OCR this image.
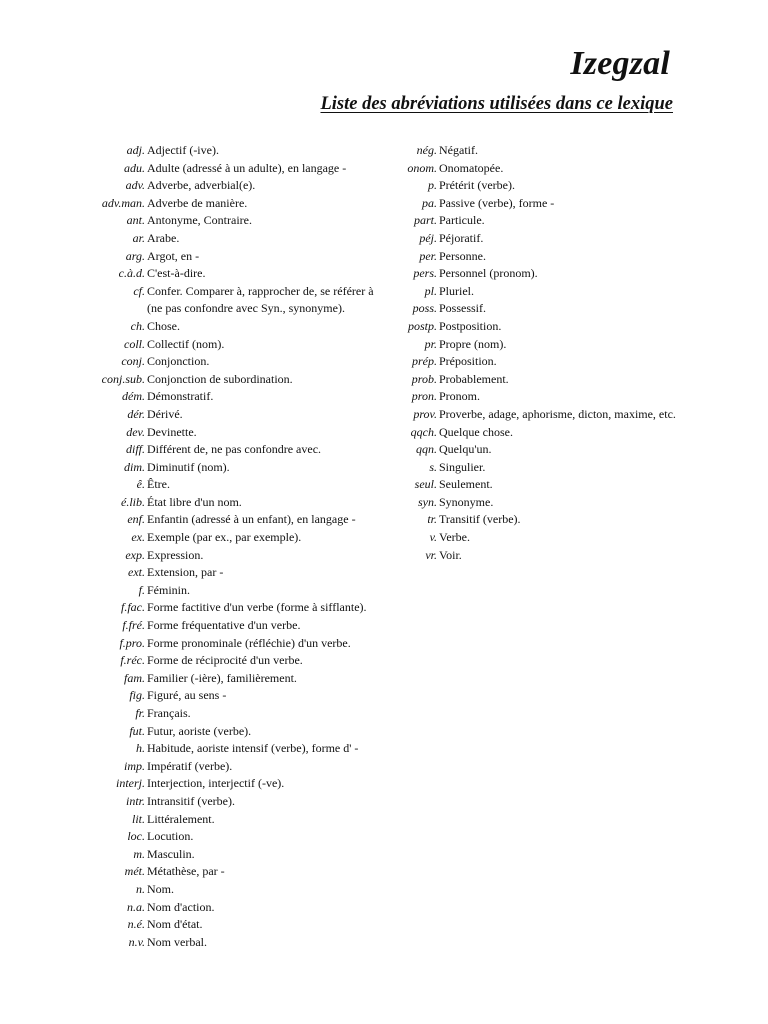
Izegzal
Liste des abréviations utilisées dans ce lexique
adj. Adjectif (-ive).
adu. Adulte (adressé à un adulte), en langage -
adv. Adverbe, adverbial(e).
adv.man. Adverbe de manière.
ant. Antonyme, Contraire.
ar. Arabe.
arg. Argot, en -
c.à.d. C'est-à-dire.
cf. Confer. Comparer à, rapprocher de, se référer à (ne pas confondre avec Syn., synonyme).
ch. Chose.
coll. Collectif (nom).
conj. Conjonction.
conj.sub. Conjonction de subordination.
dém. Démonstratif.
dér. Dérivé.
dev. Devinette.
diff. Différent de, ne pas confondre avec.
dim. Diminutif (nom).
ê. Être.
é.lib. État libre d'un nom.
enf. Enfantin (adressé à un enfant), en langage -
ex. Exemple (par ex., par exemple).
exp. Expression.
ext. Extension, par -
f. Féminin.
f.fac. Forme factitive d'un verbe (forme à sifflante).
f.fré. Forme fréquentative d'un verbe.
f.pro. Forme pronominale (réfléchie) d'un verbe.
f.réc. Forme de réciprocité d'un verbe.
fam. Familier (-ière), familièrement.
fig. Figuré, au sens -
fr. Français.
fut. Futur, aoriste (verbe).
h. Habitude, aoriste intensif (verbe), forme d' -
imp. Impératif (verbe).
interj. Interjection, interjectif (-ve).
intr. Intransitif (verbe).
lit. Littéralement.
loc. Locution.
m. Masculin.
mét. Métathèse, par -
n. Nom.
n.a. Nom d'action.
n.é. Nom d'état.
n.v. Nom verbal.
nég. Négatif.
onom. Onomatopée.
p. Prétérit (verbe).
pa. Passive (verbe), forme -
part. Particule.
péj. Péjoratif.
per. Personne.
pers. Personnel (pronom).
pl. Pluriel.
poss. Possessif.
postp. Postposition.
pr. Propre (nom).
prép. Préposition.
prob. Probablement.
pron. Pronom.
prov. Proverbe, adage, aphorisme, dicton, maxime, etc.
qqch. Quelque chose.
qqn. Quelqu'un.
s. Singulier.
seul. Seulement.
syn. Synonyme.
tr. Transitif (verbe).
v. Verbe.
vr. Voir.
